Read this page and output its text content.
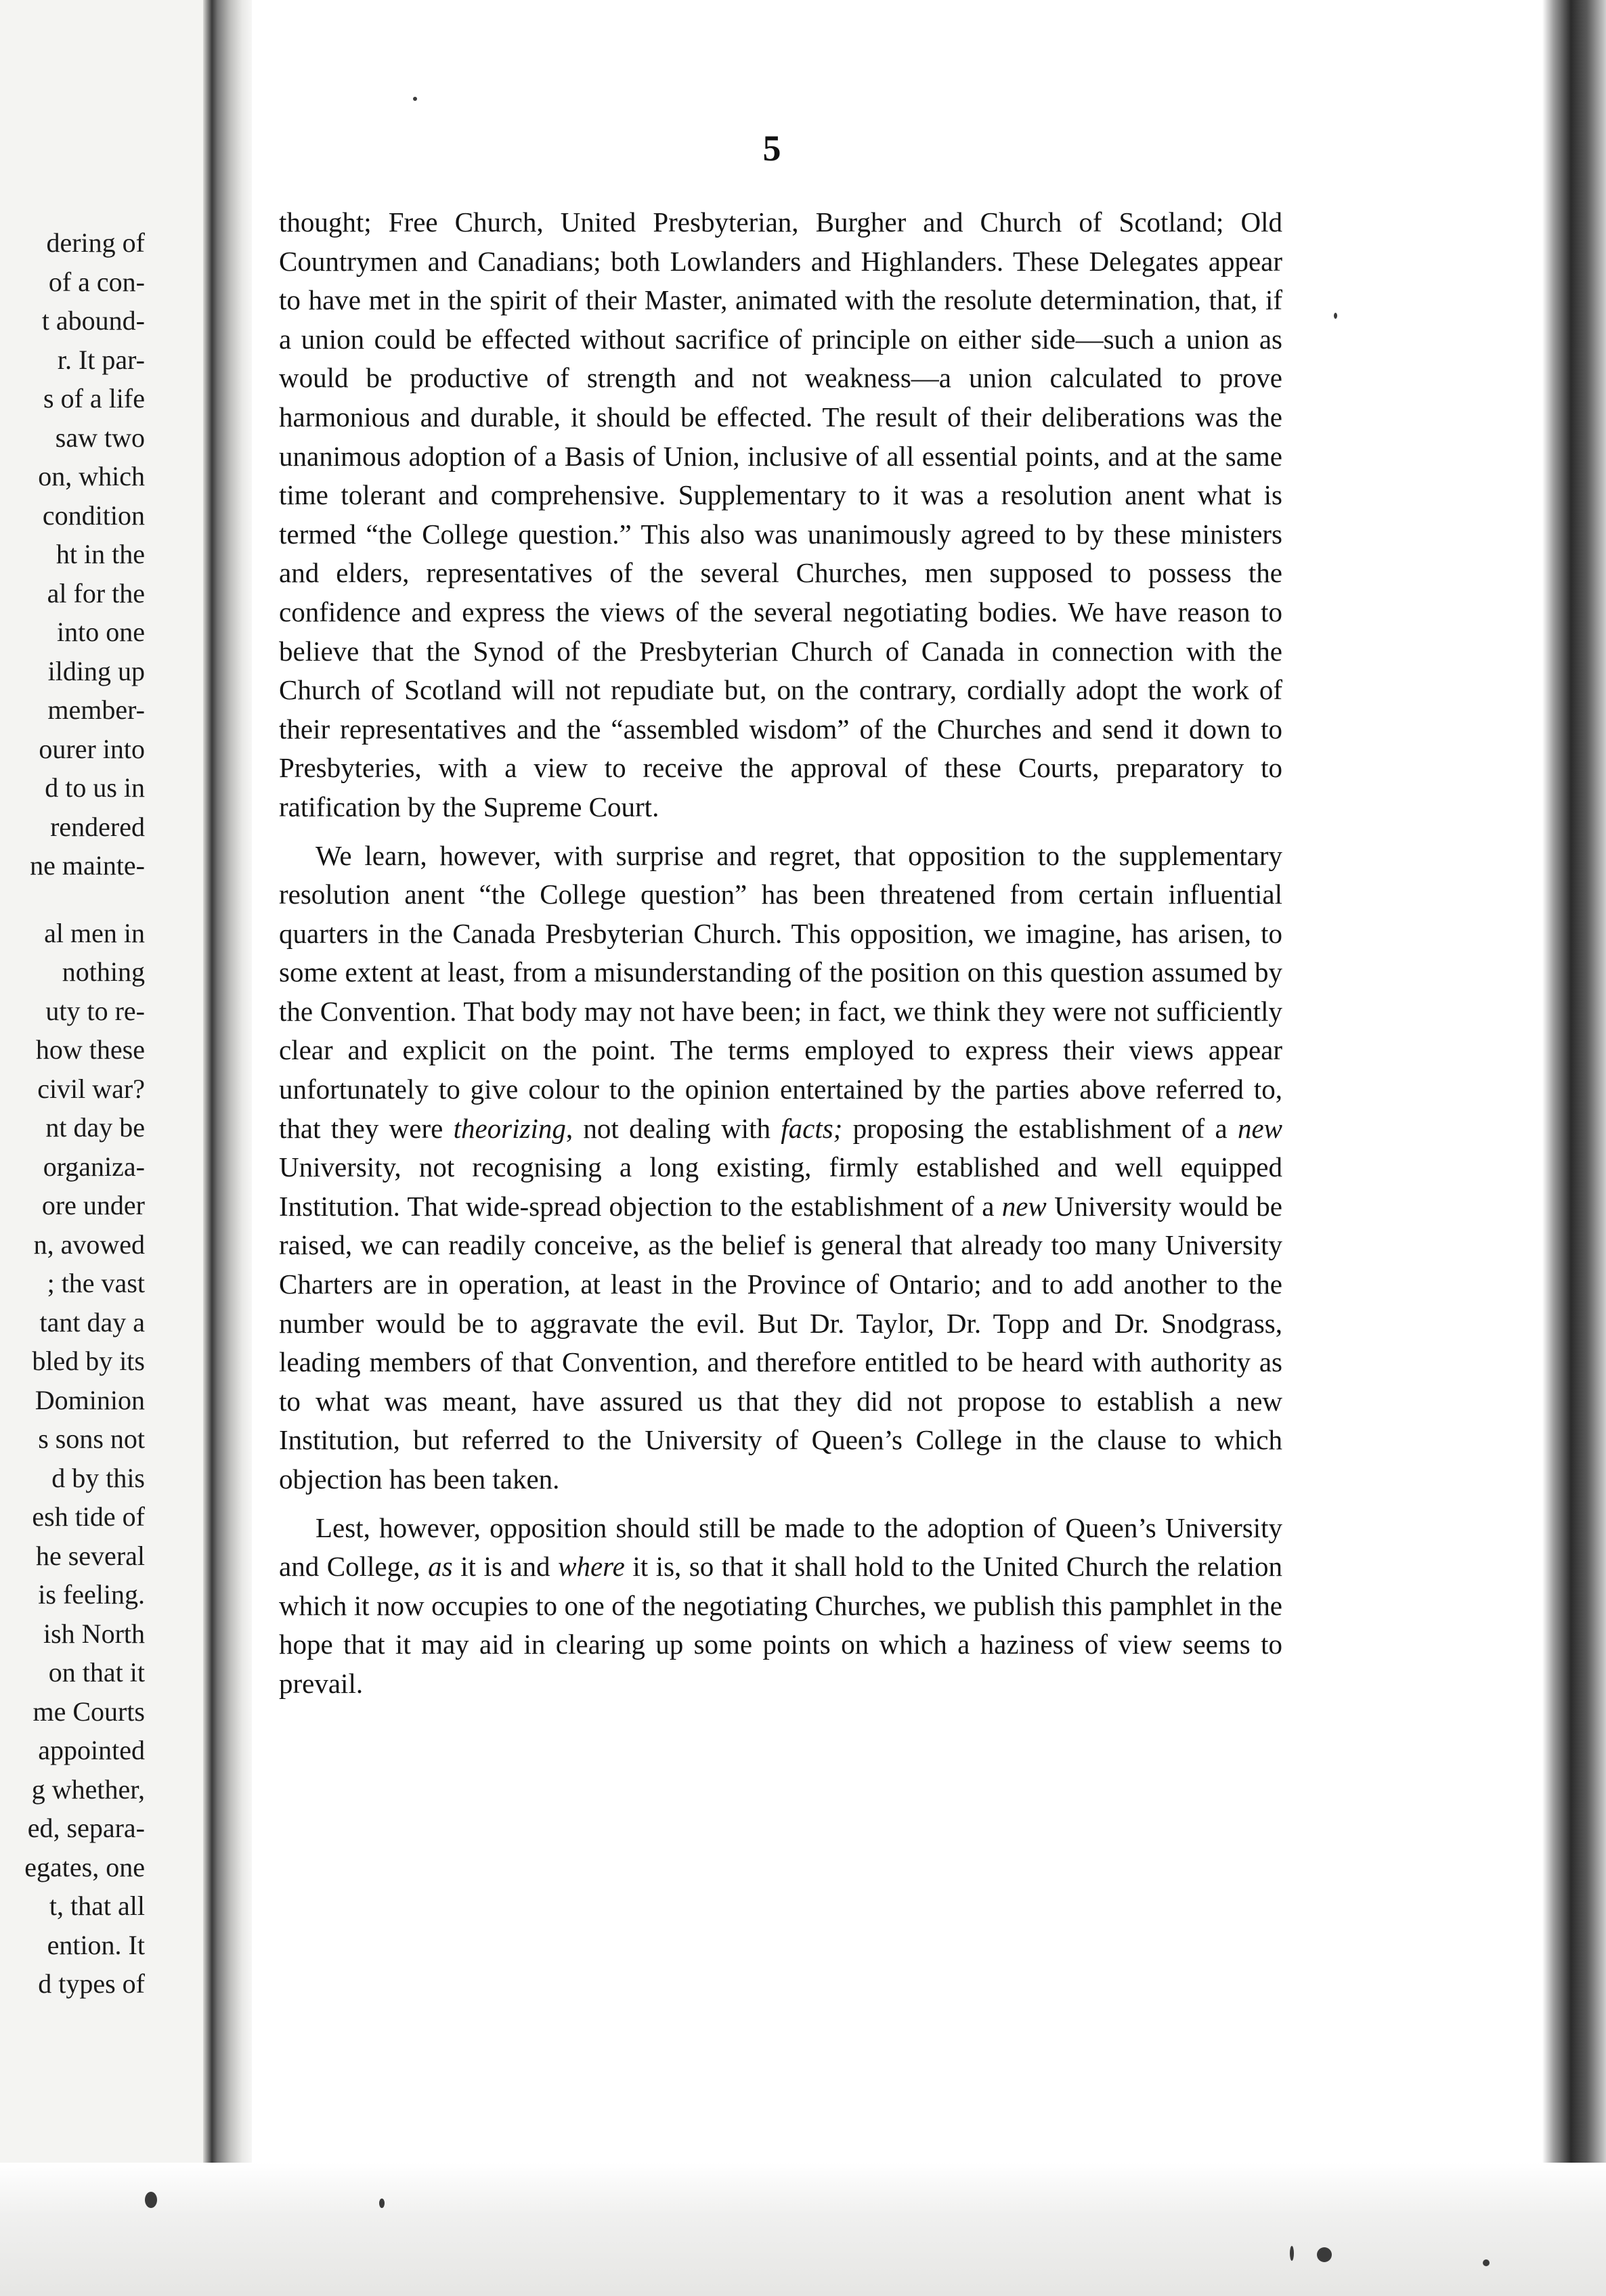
dering of
of a con-
t abound-
r. It par-
s of a life
saw two
on, which
condition
ht in the
al for the
into one
ilding up
member-
ourer into
d to us in
rendered
ne mainte-
al men in
nothing
uty to re-
how these
civil war?
nt day be
organiza-
ore under
n, avowed
; the vast
tant day a
bled by its
Dominion
s sons not
d by this
esh tide of
he several
is feeling.
ish North
on that it
me Courts
appointed
g whether,
ed, separa-
egates, one
t, that all
ention. It
d types of
5

thought; Free Church, United Presbyterian, Burgher and Church of Scotland; Old Countrymen and Canadians; both Lowlanders and Highlanders. These Delegates appear to have met in the spirit of their Master, animated with the resolute determination, that, if a union could be effected without sacrifice of principle on either side—such a union as would be productive of strength and not weakness—a union calculated to prove harmonious and durable, it should be effected. The result of their deliberations was the unanimous adoption of a Basis of Union, inclusive of all essential points, and at the same time tolerant and comprehensive. Supplementary to it was a resolution anent what is termed “the College question.” This also was unanimously agreed to by these ministers and elders, representatives of the several Churches, men supposed to possess the confidence and express the views of the several negotiating bodies. We have reason to believe that the Synod of the Presbyterian Church of Canada in connection with the Church of Scotland will not repudiate but, on the contrary, cordially adopt the work of their representatives and the “assembled wisdom” of the Churches and send it down to Presbyteries, with a view to receive the approval of these Courts, preparatory to ratification by the Supreme Court.

We learn, however, with surprise and regret, that opposition to the supplementary resolution anent “the College question” has been threatened from certain influential quarters in the Canada Presbyterian Church. This opposition, we imagine, has arisen, to some extent at least, from a misunderstanding of the position on this question assumed by the Convention. That body may not have been; in fact, we think they were not sufficiently clear and explicit on the point. The terms employed to express their views appear unfortunately to give colour to the opinion entertained by the parties above referred to, that they were theorizing, not dealing with facts; proposing the establishment of a new University, not recognising a long existing, firmly established and well equipped Institution. That wide-spread objection to the establishment of a new University would be raised, we can readily conceive, as the belief is general that already too many University Charters are in operation, at least in the Province of Ontario; and to add another to the number would be to aggravate the evil. But Dr. Taylor, Dr. Topp and Dr. Snodgrass, leading members of that Convention, and therefore entitled to be heard with authority as to what was meant, have assured us that they did not propose to establish a new Institution, but referred to the University of Queen’s College in the clause to which objection has been taken.

Lest, however, opposition should still be made to the adoption of Queen’s University and College, as it is and where it is, so that it shall hold to the United Church the relation which it now occupies to one of the negotiating Churches, we publish this pamphlet in the hope that it may aid in clearing up some points on which a haziness of view seems to prevail.
